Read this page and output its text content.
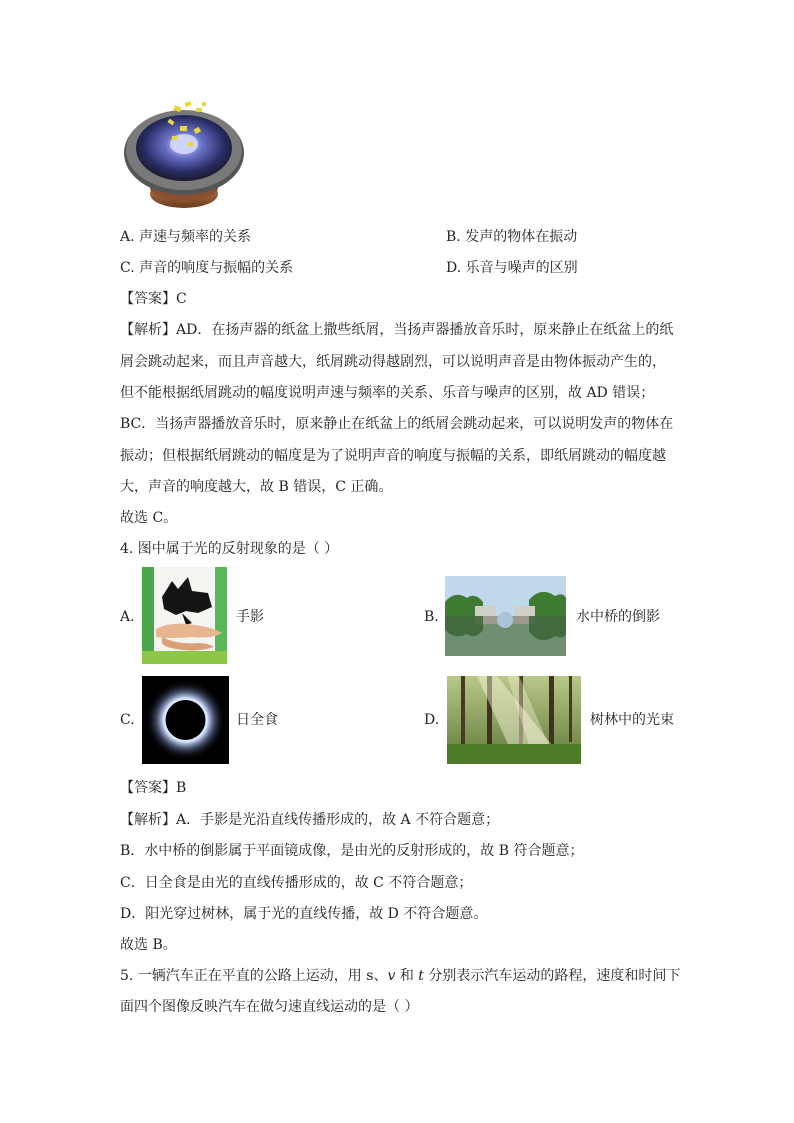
A. 声速与频率的关系	B. 发声的物体在振动
C. 声音的响度与振幅的关系	D. 乐音与噪声的区别
【答案】C
【解析】AD．在扬声器的纸盆上撒些纸屑，当扬声器播放音乐时，原来静止在纸盆上的纸
屑会跳动起来，而且声音越大，纸屑跳动得越剧烈，可以说明声音是由物体振动产生的，
但不能根据纸屑跳动的幅度说明声速与频率的关系、乐音与噪声的区别，故 AD 错误；
BC．当扬声器播放音乐时，原来静止在纸盆上的纸屑会跳动起来，可以说明发声的物体在
振动；但根据纸屑跳动的幅度是为了说明声音的响度与振幅的关系，即纸屑跳动的幅度越
大，声音的响度越大，故 B 错误，C 正确。
故选 C。
4. 图中属于光的反射现象的是（ ）
A.	手影	B.	水中桥的倒影
C.	日全食	D.	树林中的光束
【答案】B
【解析】A．手影是光沿直线传播形成的，故 A 不符合题意；
B．水中桥的倒影属于平面镜成像，是由光的反射形成的，故 B 符合题意；
C．日全食是由光的直线传播形成的，故 C 不符合题意；
D．阳光穿过树林，属于光的直线传播，故 D 不符合题意。
故选 B。
5. 一辆汽车正在平直的公路上运动，用 s、v 和 t 分别表示汽车运动的路程，速度和时间下
面四个图像反映汽车在做匀速直线运动的是（ ）
